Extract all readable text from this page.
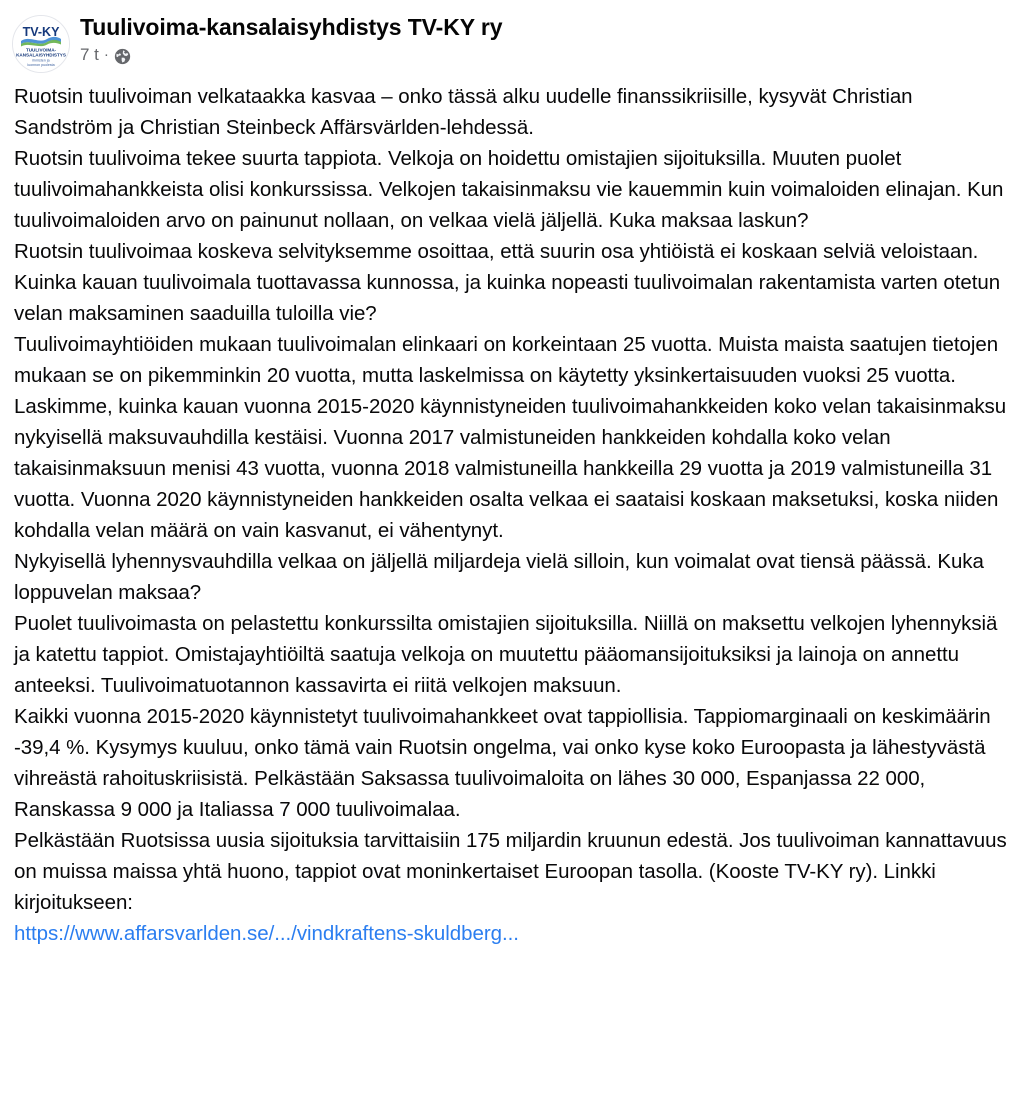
TV-KY
TUULIVOIMA-
KANSALAISYHDISTYS
ihmisten ja
luonnon puolesta
Tuulivoima-kansalaisyhdistys TV-KY ry
7 t ·
Ruotsin tuulivoiman velkataakka kasvaa – onko tässä alku uudelle finanssikriisille, kysyvät Christian Sandström ja Christian Steinbeck Affärsvärlden-lehdessä.
Ruotsin tuulivoima tekee suurta tappiota. Velkoja on hoidettu omistajien sijoituksilla. Muuten puolet tuulivoimahankkeista olisi konkurssissa. Velkojen takaisinmaksu vie kauemmin kuin voimaloiden elinajan. Kun tuulivoimaloiden arvo on painunut nollaan, on velkaa vielä jäljellä. Kuka maksaa laskun?
Ruotsin tuulivoimaa koskeva selvityksemme osoittaa, että suurin osa yhtiöistä ei koskaan selviä veloistaan. Kuinka kauan tuulivoimala tuottavassa kunnossa, ja kuinka nopeasti tuulivoimalan rakentamista varten otetun velan maksaminen saaduilla tuloilla vie?
Tuulivoimayhtiöiden mukaan tuulivoimalan elinkaari on korkeintaan 25 vuotta. Muista maista saatujen tietojen mukaan se on pikemminkin 20 vuotta, mutta laskelmissa on käytetty yksinkertaisuuden vuoksi 25 vuotta.
Laskimme, kuinka kauan vuonna 2015-2020 käynnistyneiden tuulivoimahankkeiden koko velan takaisinmaksu nykyisellä maksuvauhdilla kestäisi. Vuonna 2017 valmistuneiden hankkeiden kohdalla koko velan takaisinmaksuun menisi 43 vuotta, vuonna 2018 valmistuneilla hankkeilla 29 vuotta ja 2019 valmistuneilla 31 vuotta. Vuonna 2020 käynnistyneiden hankkeiden osalta velkaa ei saataisi koskaan maksetuksi, koska niiden kohdalla velan määrä on vain kasvanut, ei vähentynyt.
Nykyisellä lyhennysvauhdilla velkaa on jäljellä miljardeja vielä silloin, kun voimalat ovat tiensä päässä. Kuka loppuvelan maksaa?
Puolet tuulivoimasta on pelastettu konkurssilta omistajien sijoituksilla. Niillä on maksettu velkojen lyhennyksiä ja katettu tappiot. Omistajayhtiöiltä saatuja velkoja on muutettu pääomansijoituksiksi ja lainoja on annettu anteeksi. Tuulivoimatuotannon kassavirta ei riitä velkojen maksuun.
Kaikki vuonna 2015-2020 käynnistetyt tuulivoimahankkeet ovat tappiollisia. Tappiomarginaali on keskimäärin -39,4 %. Kysymys kuuluu, onko tämä vain Ruotsin ongelma, vai onko kyse koko Euroopasta ja lähestyvästä vihreästä rahoituskriisistä. Pelkästään Saksassa tuulivoimaloita on lähes 30 000, Espanjassa 22 000, Ranskassa 9 000 ja Italiassa 7 000 tuulivoimalaa.
Pelkästään Ruotsissa uusia sijoituksia tarvittaisiin 175 miljardin kruunun edestä. Jos tuulivoiman kannattavuus on muissa maissa yhtä huono, tappiot ovat moninkertaiset Euroopan tasolla. (Kooste TV-KY ry). Linkki kirjoitukseen:
https://www.affarsvarlden.se/.../vindkraftens-skuldberg...
